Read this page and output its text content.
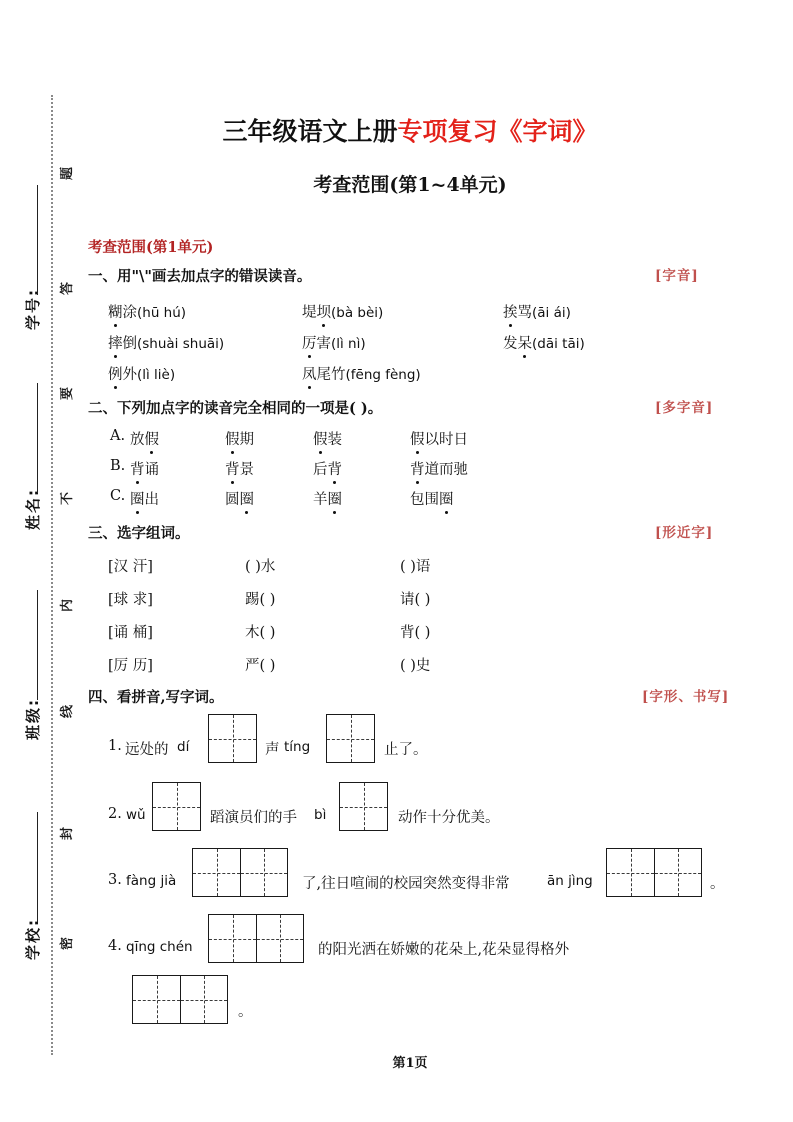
题
答
要
不
内
线
封
密
学号:
姓名:
班级:
学校:
三年级语文上册专项复习《字词》
考查范围(第1~4单元)
考查范围(第1单元)
一、用"\"画去加点字的错误读音。	[字音]
糊涂(hū hú)	堤坝(bà bèi)	挨骂(āi ái)
摔倒(shuài shuāi)	厉害(lì nì)	发呆(dāi tāi)
例外(lì liè)	凤尾竹(fēng fèng)
二、下列加点字的读音完全相同的一项是( )。	[多字音]
A. 放假	假期	假装	假以时日
B. 背诵	背景	后背	背道而驰
C. 圈出	圆圈	羊圈	包围圈
三、选字组词。	[形近字]
[汉 汗]	( )水	( )语
[球 求]	踢( )	请( )
[诵 桶]	木( )	背( )
[厉 历]	严( )	( )史
四、看拼音,写字词。	[字形、书写]
1. 远处的 dí	声 tíng	止了。
2. wǔ	蹈演员们的手 bì	动作十分优美。
3. fàng jià	了,往日喧闹的校园突然变得非常	ān jìng	。
4. qīng chén	的阳光洒在娇嫩的花朵上,花朵显得格外
。
第1页
